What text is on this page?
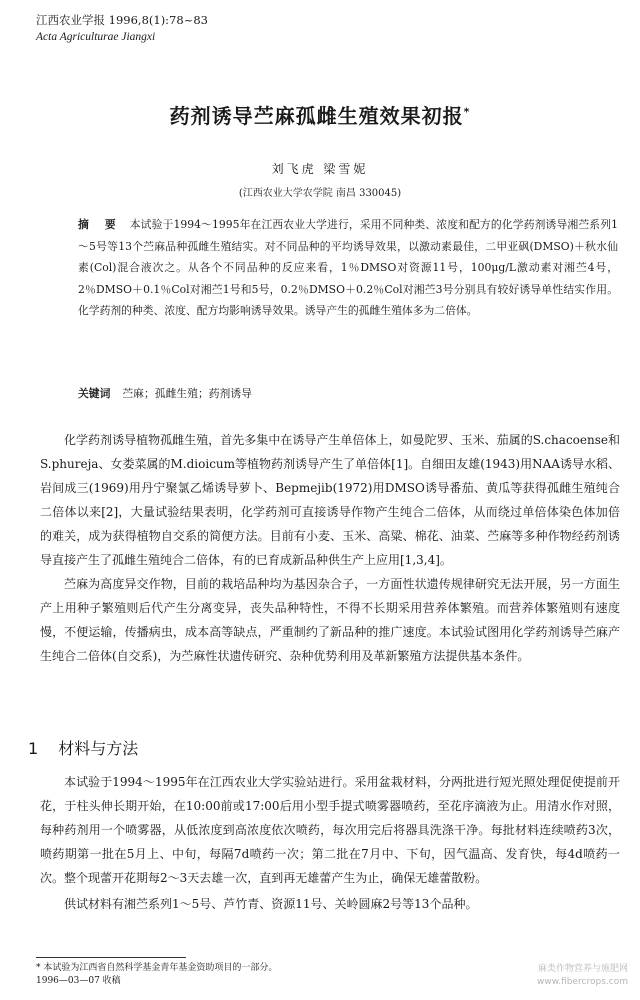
江西农业学报 1996,8(1):78~83
Acta Agriculturae Jiangxi
药剂诱导苎麻孤雌生殖效果初报*
刘飞虎 梁雪妮
(江西农业大学农学院 南昌 330045)
摘 要 本试验于1994～1995年在江西农业大学进行，采用不同种类、浓度和配方的化学药剂诱导湘苎系列1～5号等13个苎麻品种孤雌生殖结实。对不同品种的平均诱导效果，以激动素最佳，二甲亚砜(DMSO)＋秋水仙素(Col)混合液次之。从各个不同品种的反应来看，1％DMSO对资源11号，100μg/L激动素对湘苎4号，2％DMSO＋0.1％Col对湘苎1号和5号，0.2％DMSO＋0.2％Col对湘苎3号分别具有较好诱导单性结实作用。化学药剂的种类、浓度、配方均影响诱导效果。诱导产生的孤雌生殖体多为二倍体。
关键词 苎麻；孤雌生殖；药剂诱导

化学药剂诱导植物孤雌生殖，首先多集中在诱导产生单倍体上，如曼陀罗、玉米、茄属的S.chacoense和S.phureja、女娄菜属的M.dioicum等植物药剂诱导产生了单倍体[1]。自细田友雄(1943)用NAA诱导水稻、岩间成三(1969)用丹宁聚氯乙烯诱导萝卜、Bepmejib(1972)用DMSO诱导番茄、黄瓜等获得孤雌生殖纯合二倍体以来[2]，大量试验结果表明，化学药剂可直接诱导作物产生纯合二倍体，从而绕过单倍体染色体加倍的难关，成为获得植物自交系的简便方法。目前有小麦、玉米、高粱、棉花、油菜、苎麻等多种作物经药剂诱导直接产生了孤雌生殖纯合二倍体，有的已育成新品种供生产上应用[1,3,4]。

苎麻为高度异交作物，目前的栽培品种均为基因杂合子，一方面性状遗传规律研究无法开展，另一方面生产上用种子繁殖则后代产生分离变异，丧失品种特性，不得不长期采用营养体繁殖。而营养体繁殖则有速度慢，不便运输，传播病虫，成本高等缺点，严重制约了新品种的推广速度。本试验试图用化学药剂诱导苎麻产生纯合二倍体(自交系)，为苎麻性状遗传研究、杂种优势利用及革新繁殖方法提供基本条件。

1 材料与方法

本试验于1994～1995年在江西农业大学实验站进行。采用盆栽材料，分两批进行短光照处理促使提前开花，于柱头伸长期开始，在10:00前或17:00后用小型手提式喷雾器喷药，至花序滴液为止。用清水作对照，每种药剂用一个喷雾器，从低浓度到高浓度依次喷药，每次用完后将器具洗涤干净。每批材料连续喷药3次，喷药期第一批在5月上、中旬，每隔7d喷药一次；第二批在7月中、下旬，因气温高、发育快，每4d喷药一次。整个现蕾开花期每2～3天去雄一次，直到再无雄蕾产生为止，确保无雄蕾散粉。

供试材料有湘苎系列1～5号、芦竹青、资源11号、关岭圆麻2号等13个品种。

* 本试验为江西省自然科学基金青年基金资助项目的一部分。
1996—03—07 收稿
麻类作物营养与施肥网
www.fibercrops.com
